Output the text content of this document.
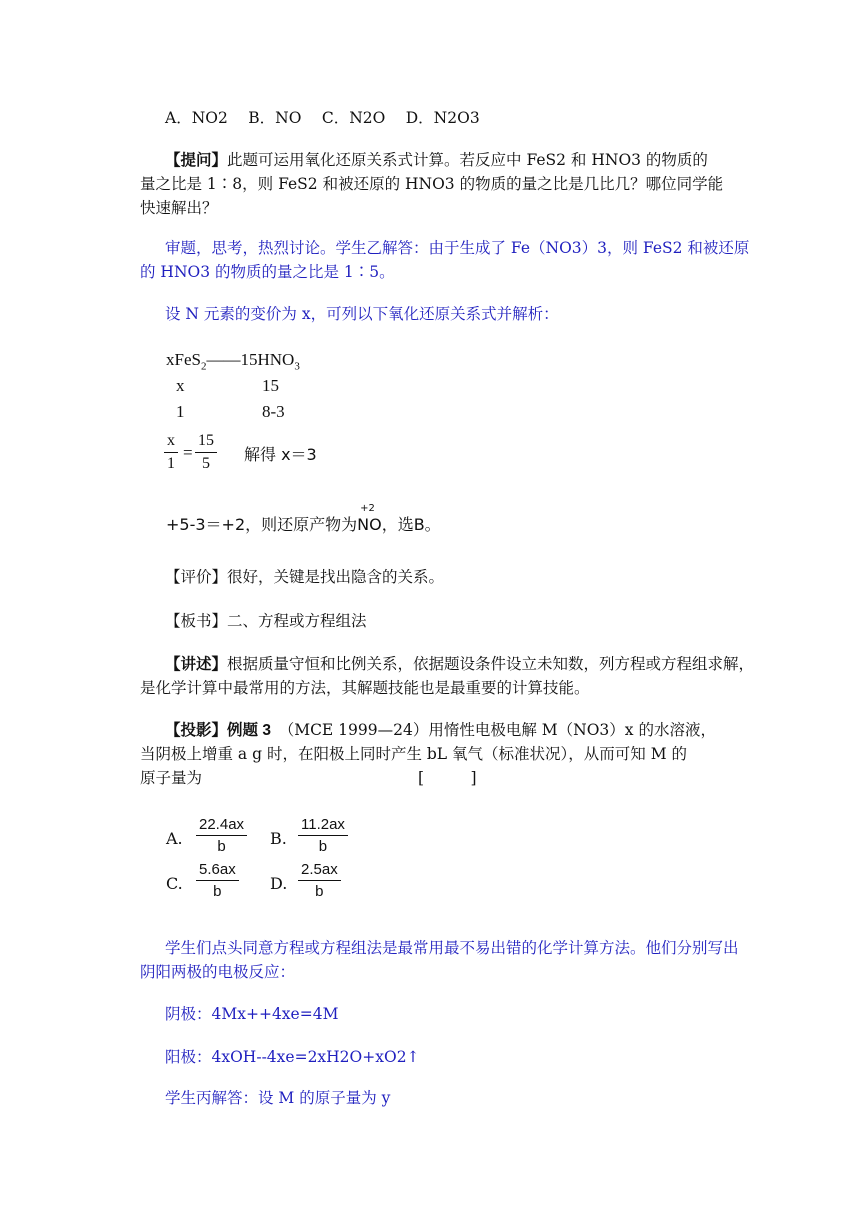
A．NO2　 B．NO　 C．N2O　 D．N2O3
【提问】此题可运用氧化还原关系式计算。若反应中 FeS2 和 HNO3 的物质的
量之比是 1∶8，则 FeS2 和被还原的 HNO3 的物质的量之比是几比几？哪位同学能
快速解出？
审题，思考，热烈讨论。学生乙解答：由于生成了 Fe（NO3）3，则 FeS2 和被还原
的 HNO3 的物质的量之比是 1∶5。
设 N 元素的变价为 x，可列以下氧化还原关系式并解析：
$xFeS_2——15HNO_3$
x	15
1	8-3
$\frac{x}{1} = \frac{15}{5}$ 解得 x＝3
+5-3＝+2，则还原产物为
+2
NO，选B。
【评价】很好，关键是找出隐含的关系。
【板书】二、方程或方程组法
【讲述】根据质量守恒和比例关系，依据题设条件设立未知数，列方程或方程组求解，
是化学计算中最常用的方法，其解题技能也是最重要的计算技能。
【投影】例题 3　（MCE 1999—24）用惰性电极电解 M（NO3）x 的水溶液，
当阴极上增重 a g 时，在阳极上同时产生 bL 氧气（标准状况），从而可知 M 的
原子量为	[　　　]
A. $\frac{22.4ax}{b} B$. $\frac{11.2ax}{b}$
C. $\frac{5.6ax}{b} D$. $\frac{2.5ax}{b}$
学生们点头同意方程或方程组法是最常用最不易出错的化学计算方法。他们分别写出
阴阳两极的电极反应：
阴极：4Mx++4xe=4M
阳极：4xOH--4xe=2xH2O+xO2↑
学生丙解答：设 M 的原子量为 y
